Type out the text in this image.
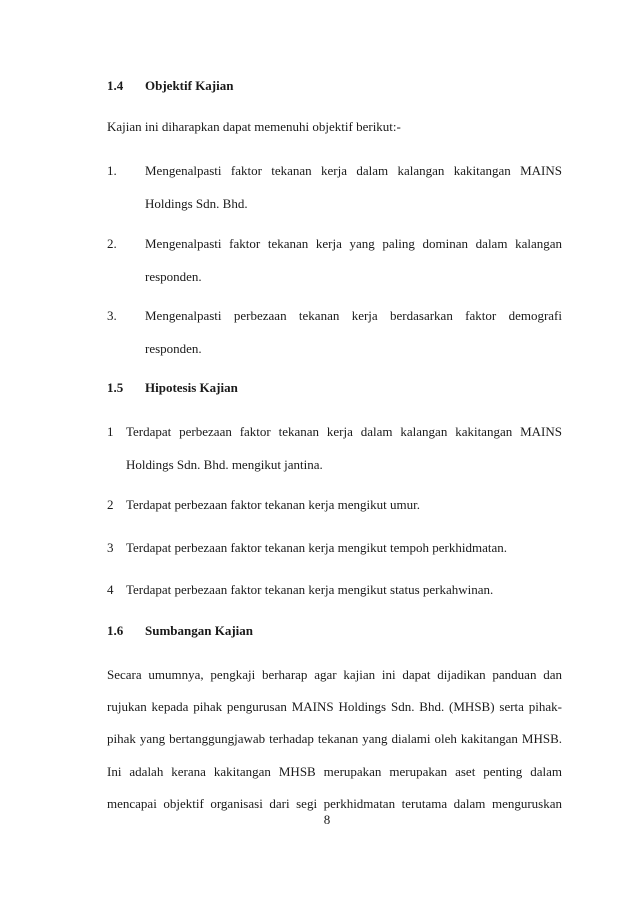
1.4 Objektif Kajian
Kajian ini diharapkan dapat memenuhi objektif berikut:-
1. Mengenalpasti faktor tekanan kerja dalam kalangan kakitangan MAINS
Holdings Sdn. Bhd.
2. Mengenalpasti faktor tekanan kerja yang paling dominan dalam kalangan
responden.
3. Mengenalpasti perbezaan tekanan kerja berdasarkan faktor demografi
responden.
1.5 Hipotesis Kajian
1 Terdapat perbezaan faktor tekanan kerja dalam kalangan kakitangan MAINS
Holdings Sdn. Bhd. mengikut jantina.
2 Terdapat perbezaan faktor tekanan kerja mengikut umur.
3 Terdapat perbezaan faktor tekanan kerja mengikut tempoh perkhidmatan.
4 Terdapat perbezaan faktor tekanan kerja mengikut status perkahwinan.
1.6 Sumbangan Kajian
Secara umumnya, pengkaji berharap agar kajian ini dapat dijadikan panduan dan
rujukan kepada pihak pengurusan MAINS Holdings Sdn. Bhd. (MHSB) serta pihak-
pihak yang bertanggungjawab terhadap tekanan yang dialami oleh kakitangan MHSB.
Ini adalah kerana kakitangan MHSB merupakan merupakan aset penting dalam
mencapai objektif organisasi dari segi perkhidmatan terutama dalam menguruskan
8
